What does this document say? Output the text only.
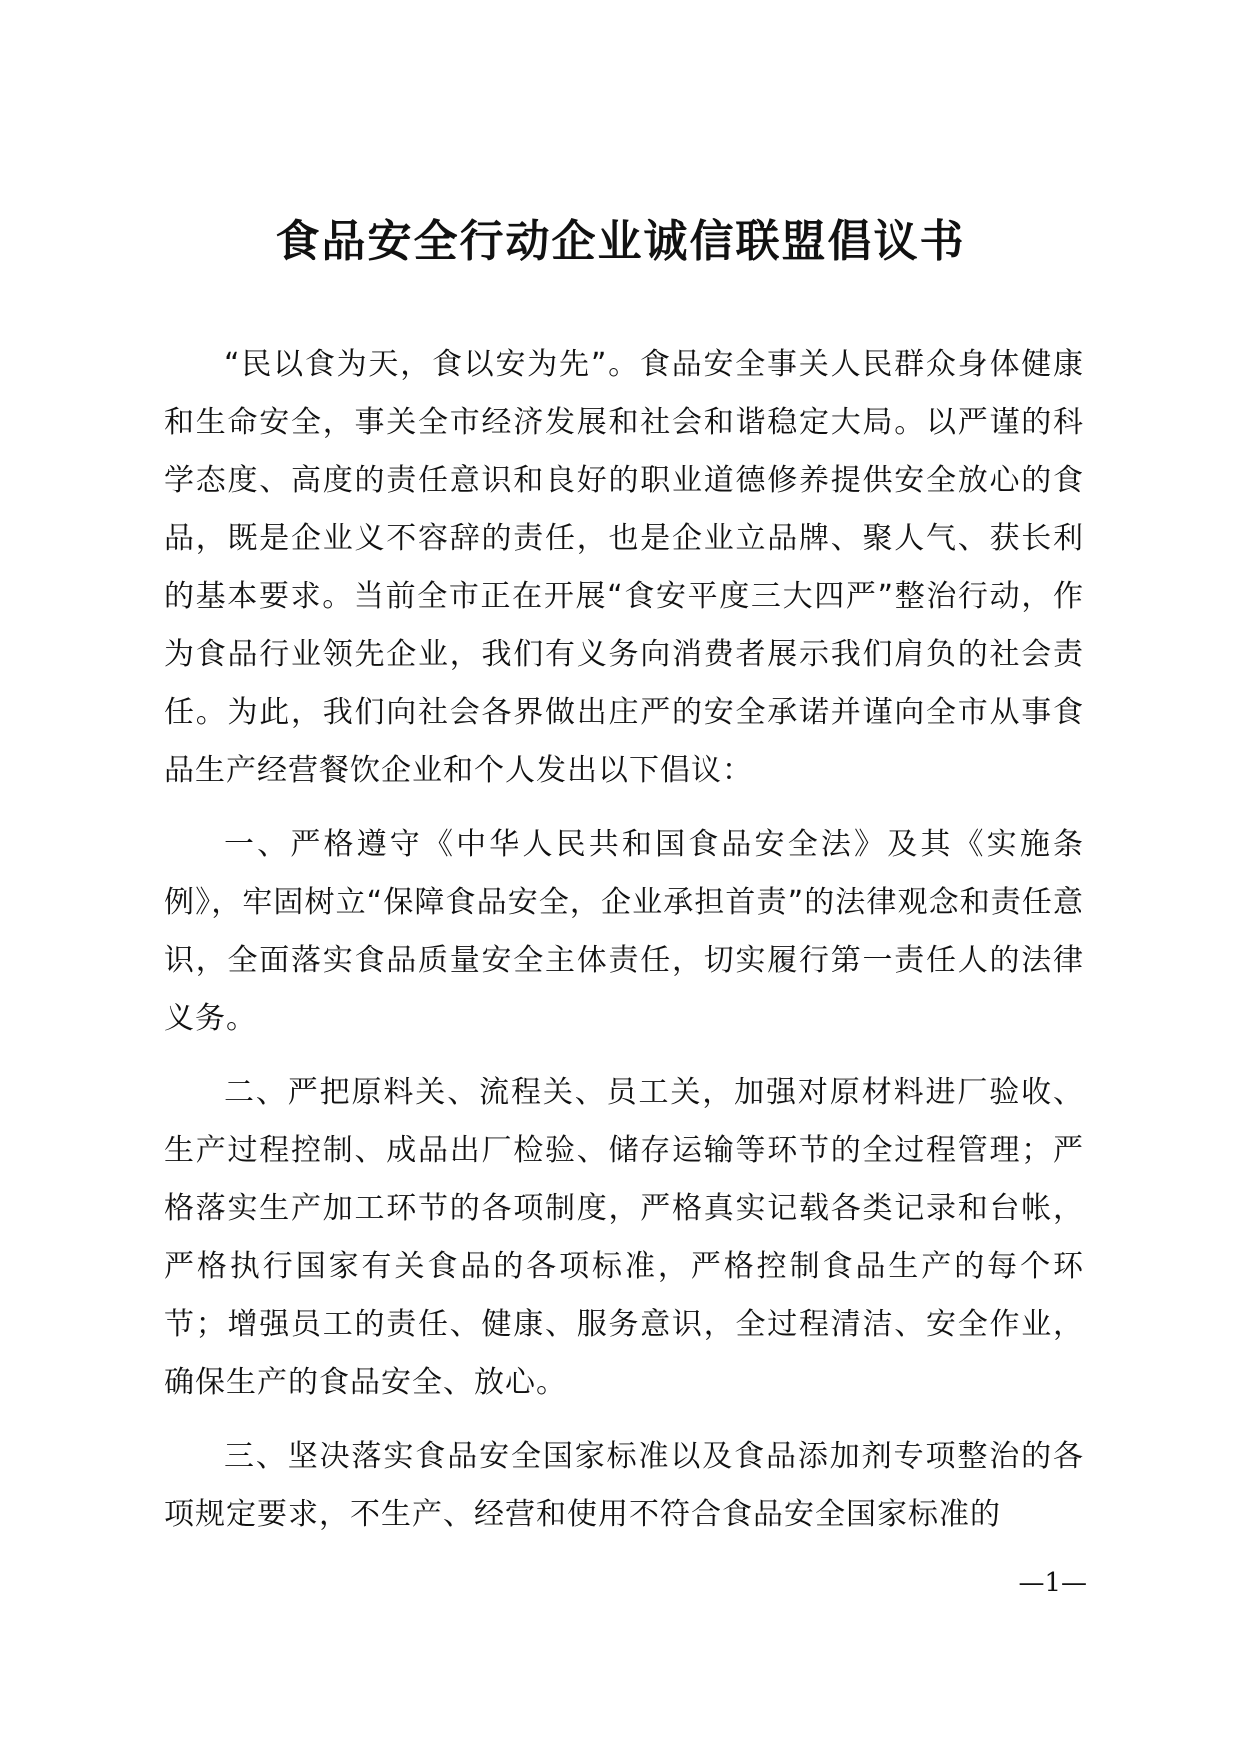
食品安全行动企业诚信联盟倡议书

“民以食为天，食以安为先”。食品安全事关人民群众身体健康和生命安全，事关全市经济发展和社会和谐稳定大局。以严谨的科学态度、高度的责任意识和良好的职业道德修养提供安全放心的食品，既是企业义不容辞的责任，也是企业立品牌、聚人气、获长利的基本要求。当前全市正在开展“食安平度三大四严”整治行动，作为食品行业领先企业，我们有义务向消费者展示我们肩负的社会责任。为此，我们向社会各界做出庄严的安全承诺并谨向全市从事食品生产经营餐饮企业和个人发出以下倡议：

一、严格遵守《中华人民共和国食品安全法》及其《实施条例》，牢固树立“保障食品安全，企业承担首责”的法律观念和责任意识，全面落实食品质量安全主体责任，切实履行第一责任人的法律义务。

二、严把原料关、流程关、员工关，加强对原材料进厂验收、生产过程控制、成品出厂检验、储存运输等环节的全过程管理；严格落实生产加工环节的各项制度，严格真实记载各类记录和台帐，严格执行国家有关食品的各项标准，严格控制食品生产的每个环节；增强员工的责任、健康、服务意识，全过程清洁、安全作业，确保生产的食品安全、放心。

三、坚决落实食品安全国家标准以及食品添加剂专项整治的各项规定要求，不生产、经营和使用不符合食品安全国家标准的

—1—
